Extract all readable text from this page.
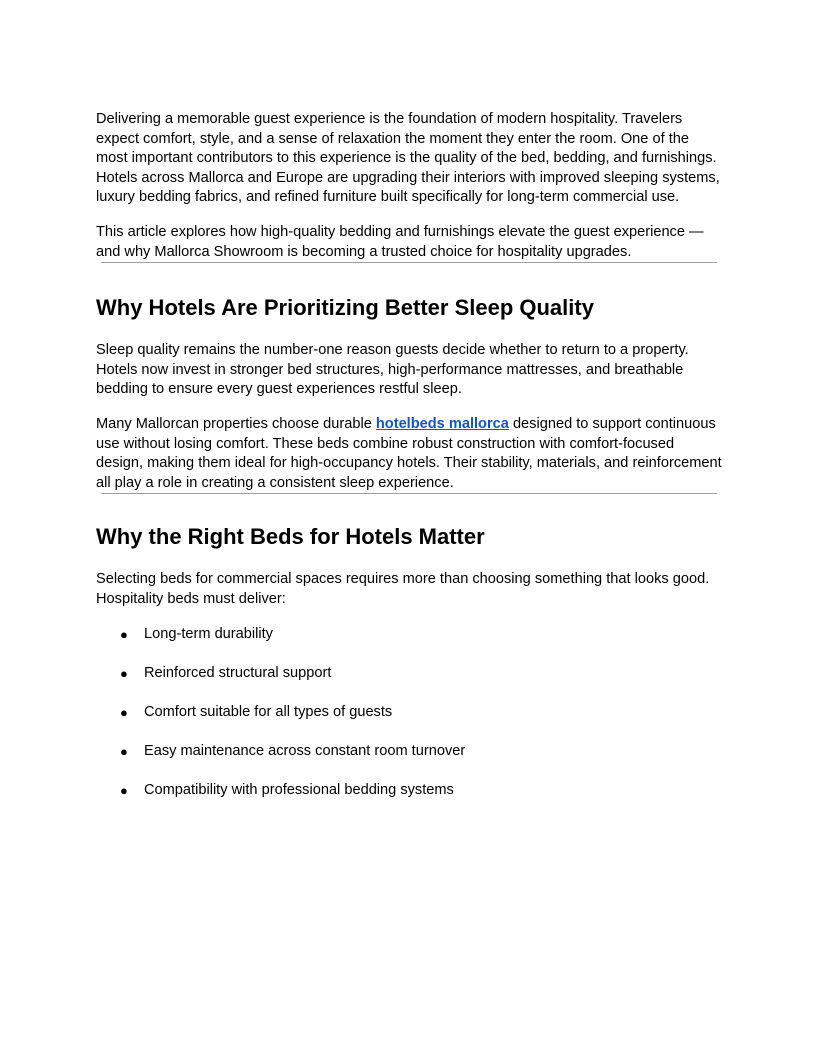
Delivering a memorable guest experience is the foundation of modern hospitality. Travelers expect comfort, style, and a sense of relaxation the moment they enter the room. One of the most important contributors to this experience is the quality of the bed, bedding, and furnishings. Hotels across Mallorca and Europe are upgrading their interiors with improved sleeping systems, luxury bedding fabrics, and refined furniture built specifically for long-term commercial use.

This article explores how high-quality bedding and furnishings elevate the guest experience — and why Mallorca Showroom is becoming a trusted choice for hospitality upgrades.

Why Hotels Are Prioritizing Better Sleep Quality

Sleep quality remains the number-one reason guests decide whether to return to a property. Hotels now invest in stronger bed structures, high-performance mattresses, and breathable bedding to ensure every guest experiences restful sleep.

Many Mallorcan properties choose durable hotelbeds mallorca designed to support continuous use without losing comfort. These beds combine robust construction with comfort-focused design, making them ideal for high-occupancy hotels. Their stability, materials, and reinforcement all play a role in creating a consistent sleep experience.

Why the Right Beds for Hotels Matter

Selecting beds for commercial spaces requires more than choosing something that looks good. Hospitality beds must deliver:

● Long-term durability
● Reinforced structural support
● Comfort suitable for all types of guests
● Easy maintenance across constant room turnover
● Compatibility with professional bedding systems
